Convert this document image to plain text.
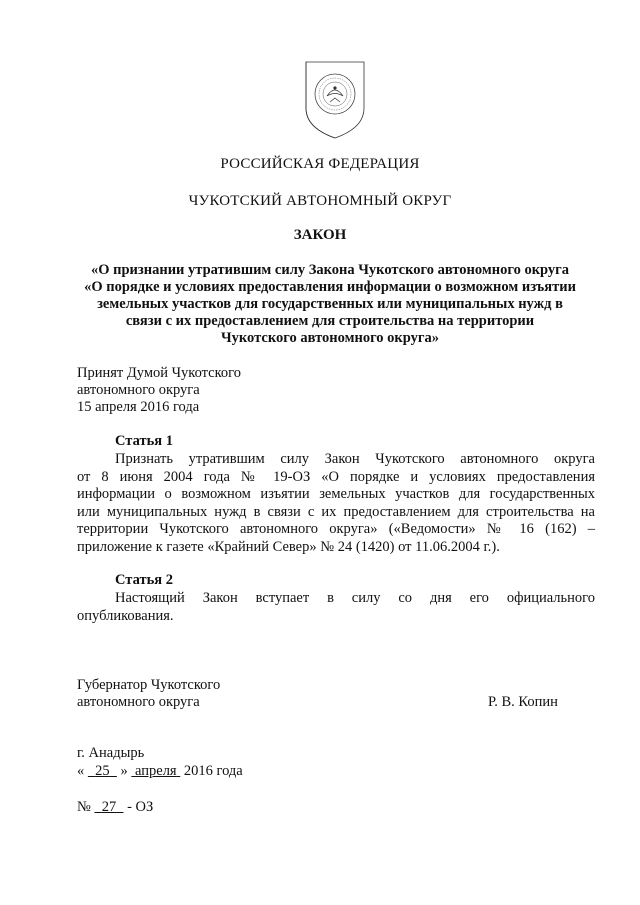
РОССИЙСКАЯ ФЕДЕРАЦИЯ
ЧУКОТСКИЙ АВТОНОМНЫЙ ОКРУГ
ЗАКОН
«О признании утратившим силу Закона Чукотского автономного округа
«О порядке и условиях предоставления информации о возможном изъятии
земельных участков для государственных или муниципальных нужд в
связи с их предоставлением для строительства на территории
Чукотского автономного округа»
Принят Думой Чукотского
автономного округа
15 апреля 2016 года
Статья 1
Признать утратившим силу Закон Чукотского автономного округа
от 8 июня 2004 года № 19-ОЗ «О порядке и условиях предоставления
информации о возможном изъятии земельных участков для государственных
или муниципальных нужд в связи с их предоставлением для строительства на
территории Чукотского автономного округа» («Ведомости» № 16 (162) –
приложение к газете «Крайний Север» № 24 (1420) от 11.06.2004 г.).
Статья 2
Настоящий Закон вступает в силу со дня его официального
опубликования.
Губернатор Чукотского
автономного округа	Р. В. Копин
г. Анадырь
« 25 » апреля 2016 года
№ 27 - ОЗ
